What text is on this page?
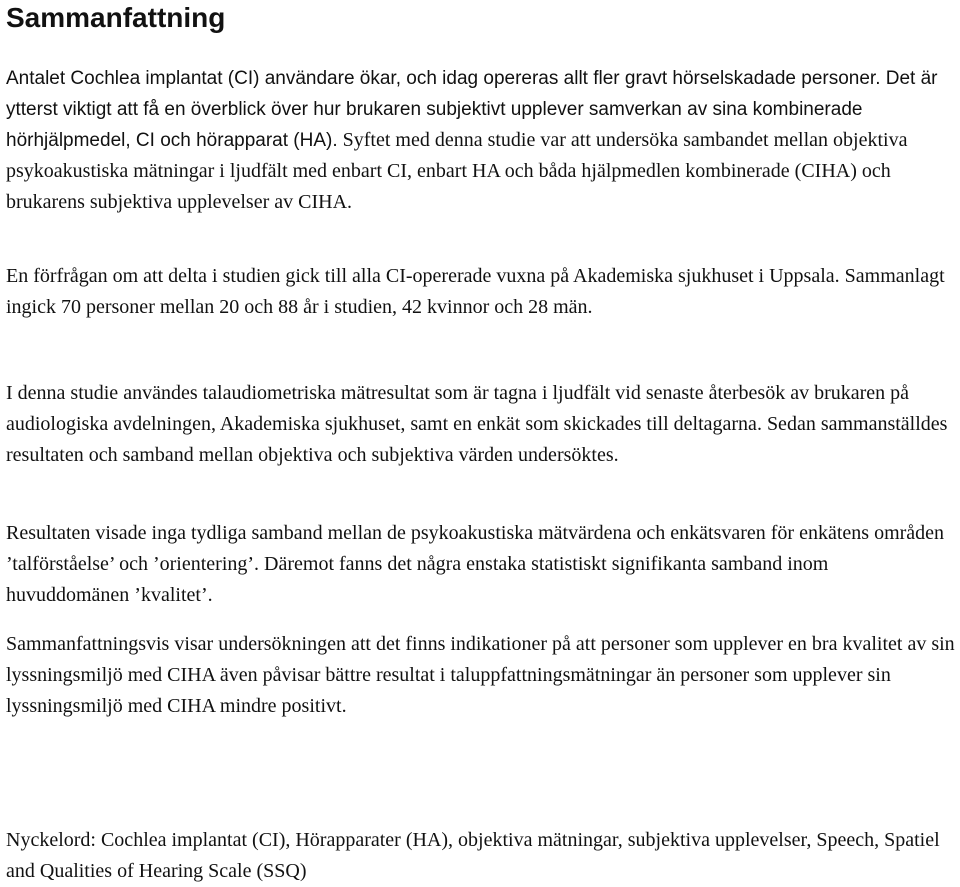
Sammanfattning

Antalet Cochlea implantat (CI) användare ökar, och idag opereras allt fler gravt hörselskadade personer. Det är ytterst viktigt att få en överblick över hur brukaren subjektivt upplever samverkan av sina kombinerade hörhjälpmedel, CI och hörapparat (HA). Syftet med denna studie var att undersöka sambandet mellan objektiva psykoakustiska mätningar i ljudfält med enbart CI, enbart HA och båda hjälpmedlen kombinerade (CIHA) och brukarens subjektiva upplevelser av CIHA.

En förfrågan om att delta i studien gick till alla CI-opererade vuxna på Akademiska sjukhuset i Uppsala. Sammanlagt ingick 70 personer mellan 20 och 88 år i studien, 42 kvinnor och 28 män.

I denna studie användes talaudiometriska mätresultat som är tagna i ljudfält vid senaste återbesök av brukaren på audiologiska avdelningen, Akademiska sjukhuset, samt en enkät som skickades till deltagarna. Sedan sammanställdes resultaten och samband mellan objektiva och subjektiva värden undersöktes.

Resultaten visade inga tydliga samband mellan de psykoakustiska mätvärdena och enkätsvaren för enkätens områden ’talförståelse’ och ’orientering’. Däremot fanns det några enstaka statistiskt signifikanta samband inom huvuddomänen ’kvalitet’.

Sammanfattningsvis visar undersökningen att det finns indikationer på att personer som upplever en bra kvalitet av sin lyssningsmiljö med CIHA även påvisar bättre resultat i taluppfattningsmätningar än personer som upplever sin lyssningsmiljö med CIHA mindre positivt.

Nyckelord: Cochlea implantat (CI), Hörapparater (HA), objektiva mätningar, subjektiva upplevelser, Speech, Spatiel and Qualities of Hearing Scale (SSQ)
